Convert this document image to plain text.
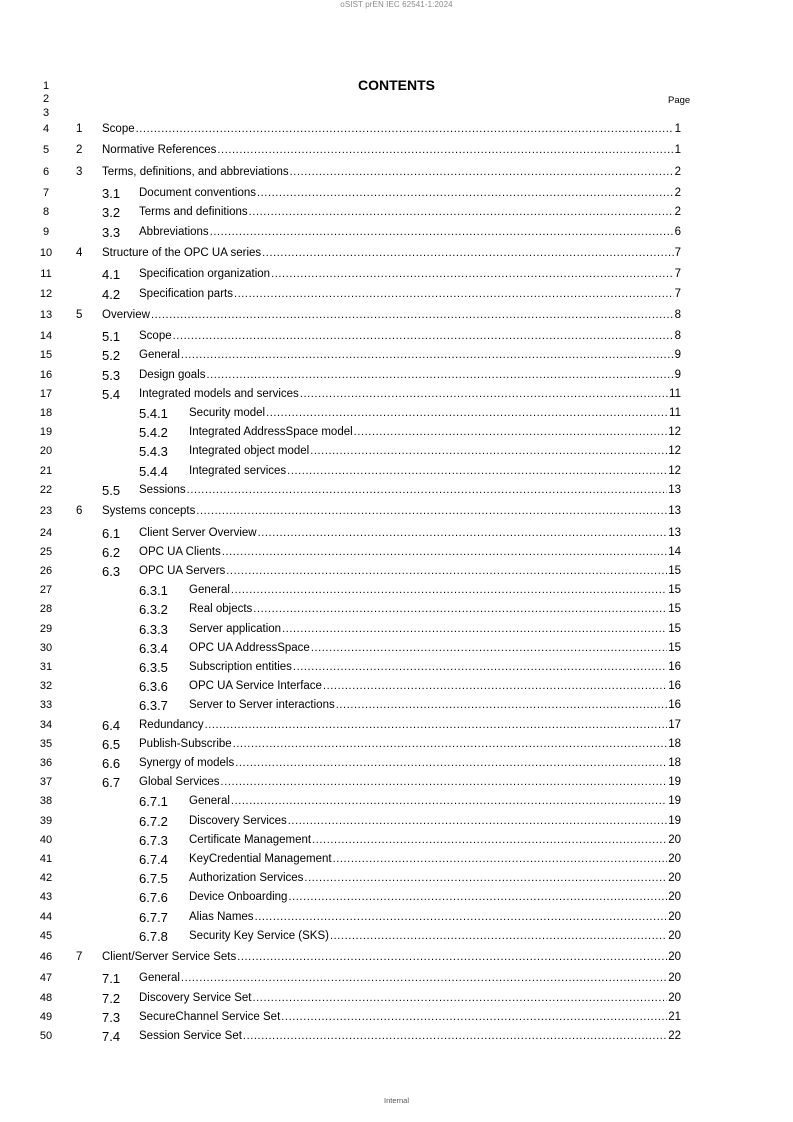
oSIST prEN IEC 62541-1:2024
1
2
3
CONTENTS
Page
4	1 Scope .....	1
5	2 Normative References .....	1
6	3 Terms, definitions, and abbreviations .....	2
7	3.1 Document conventions .....	2
8	3.2 Terms and definitions .....	2
9	3.3 Abbreviations .....	6
10	4 Structure of the OPC UA series .....	7
11	4.1 Specification organization .....	7
12	4.2 Specification parts .....	7
13	5 Overview .....	8
14	5.1 Scope .....	8
15	5.2 General .....	9
16	5.3 Design goals .....	9
17	5.4 Integrated models and services .....	11
18	5.4.1 Security model .....	11
19	5.4.2 Integrated AddressSpace model .....	12
20	5.4.3 Integrated object model .....	12
21	5.4.4 Integrated services .....	12
22	5.5 Sessions .....	13
23	6 Systems concepts .....	13
24	6.1 Client Server Overview .....	13
25	6.2 OPC UA Clients .....	14
26	6.3 OPC UA Servers .....	15
27	6.3.1 General .....	15
28	6.3.2 Real objects .....	15
29	6.3.3 Server application .....	15
30	6.3.4 OPC UA AddressSpace .....	15
31	6.3.5 Subscription entities .....	16
32	6.3.6 OPC UA Service Interface .....	16
33	6.3.7 Server to Server interactions .....	16
34	6.4 Redundancy .....	17
35	6.5 Publish-Subscribe .....	18
36	6.6 Synergy of models .....	18
37	6.7 Global Services .....	19
38	6.7.1 General .....	19
39	6.7.2 Discovery Services .....	19
40	6.7.3 Certificate Management .....	20
41	6.7.4 KeyCredential Management .....	20
42	6.7.5 Authorization Services .....	20
43	6.7.6 Device Onboarding .....	20
44	6.7.7 Alias Names .....	20
45	6.7.8 Security Key Service (SKS) .....	20
46	7 Client/Server Service Sets .....	20
47	7.1 General .....	20
48	7.2 Discovery Service Set .....	20
49	7.3 SecureChannel Service Set .....	21
50	7.4 Session Service Set .....	22
Internal
